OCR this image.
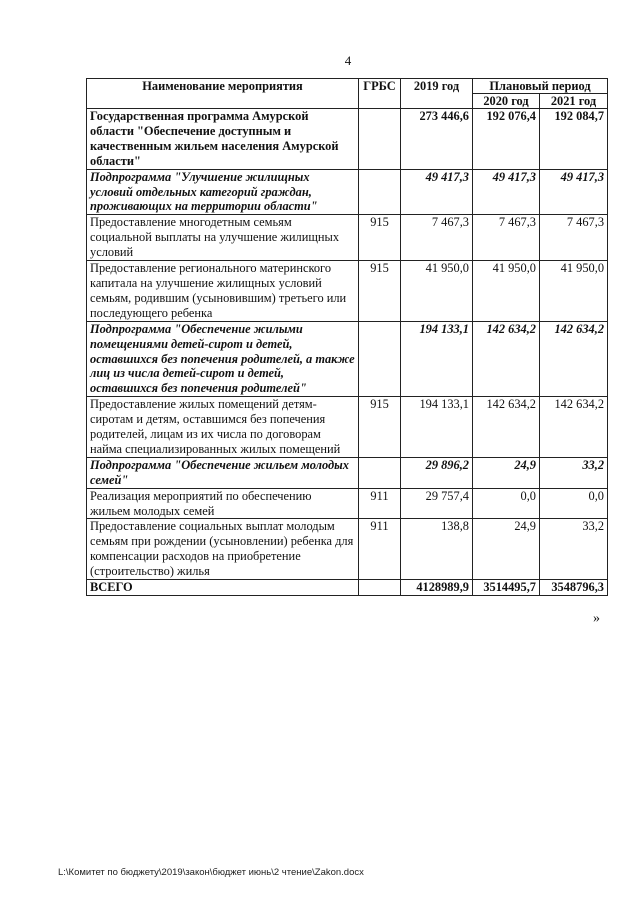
4
Наименование мероприятия	ГРБС	2019 год	Плановый период	
			2020 год	2021 год
Государственная программа Амурской области "Обеспечение доступным и качественным жильем населения Амурской области"		273 446,6	192 076,4	192 084,7
Подпрограмма "Улучшение жилищных условий отдельных категорий граждан, проживающих на территории области"		49 417,3	49 417,3	49 417,3
Предоставление многодетным семьям социальной выплаты на улучшение жилищных условий	915	7 467,3	7 467,3	7 467,3
Предоставление регионального материнского капитала на улучшение жилищных условий семьям, родившим (усыновившим) третьего или последующего ребенка	915	41 950,0	41 950,0	41 950,0
Подпрограмма "Обеспечение жилыми помещениями детей-сирот и детей, оставшихся без попечения родителей, а также лиц из числа детей-сирот и детей, оставшихся без попечения родителей"		194 133,1	142 634,2	142 634,2
Предоставление жилых помещений детям-сиротам и детям, оставшимся без попечения родителей, лицам из их числа по договорам найма специализированных жилых помещений	915	194 133,1	142 634,2	142 634,2
Подпрограмма "Обеспечение жильем молодых семей"		29 896,2	24,9	33,2
Реализация мероприятий по обеспечению жильем молодых семей	911	29 757,4	0,0	0,0
Предоставление социальных выплат молодым семьям при рождении (усыновлении) ребенка для компенсации расходов на приобретение (строительство) жилья	911	138,8	24,9	33,2
ВСЕГО		4128989,9	3514495,7	3548796,3
»
L:\Комитет по бюджету\2019\закон\бюджет июнь\2 чтение\Zakon.docx
